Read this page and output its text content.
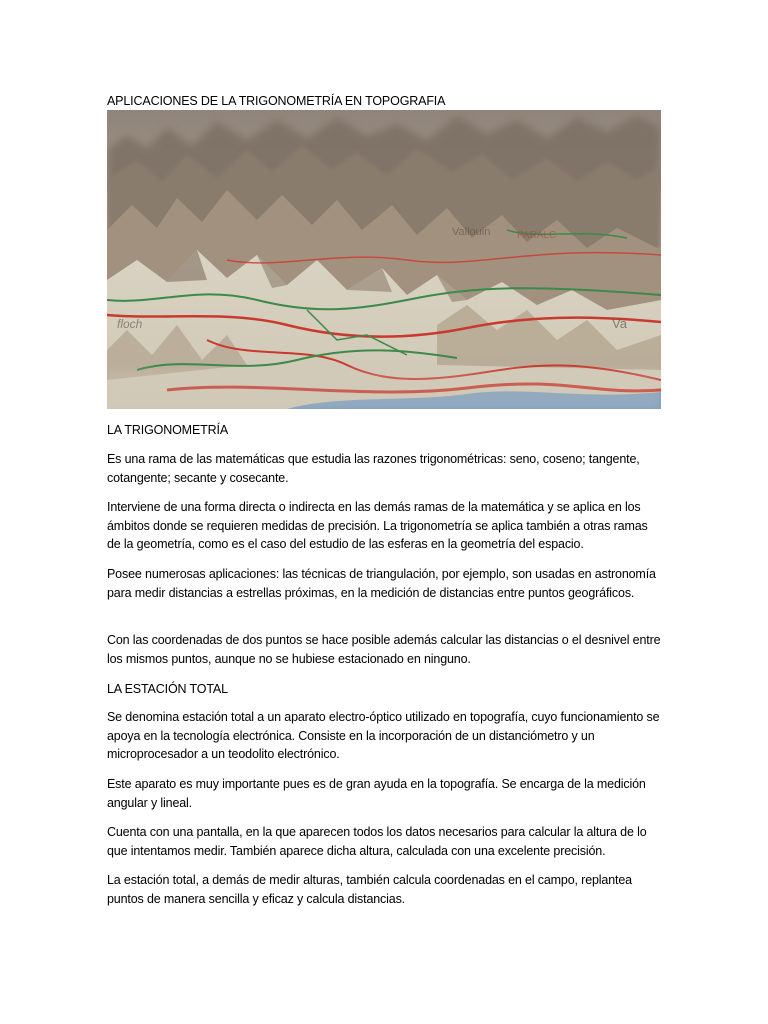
APLICACIONES DE LA TRIGONOMETRÍA EN TOPOGRAFIA
Vallouin	PARALC
floch	Va
LA TRIGONOMETRÍA

Es una rama de las matemáticas que estudia las razones trigonométricas: seno, coseno; tangente, cotangente; secante y cosecante.

Interviene de una forma directa o indirecta en las demás ramas de la matemática y se aplica en los ámbitos donde se requieren medidas de precisión. La trigonometría se aplica también a otras ramas de la geometría, como es el caso del estudio de las esferas en la geometría del espacio.

Posee numerosas aplicaciones: las técnicas de triangulación, por ejemplo, son usadas en astronomía para medir distancias a estrellas próximas, en la medición de distancias entre puntos geográficos.

Con las coordenadas de dos puntos se hace posible además calcular las distancias o el desnivel entre los mismos puntos, aunque no se hubiese estacionado en ninguno.

LA ESTACIÓN TOTAL

Se denomina estación total a un aparato electro-óptico utilizado en topografía, cuyo funcionamiento se apoya en la tecnología electrónica. Consiste en la incorporación de un distanciómetro y un microprocesador a un teodolito electrónico.

Este aparato es muy importante pues es de gran ayuda en la topografía. Se encarga de la medición angular y lineal.

Cuenta con una pantalla, en la que aparecen todos los datos necesarios para calcular la altura de lo que intentamos medir. También aparece dicha altura, calculada con una excelente precisión.

La estación total, a demás de medir alturas, también calcula coordenadas en el campo, replantea puntos de manera sencilla y eficaz y calcula distancias.
